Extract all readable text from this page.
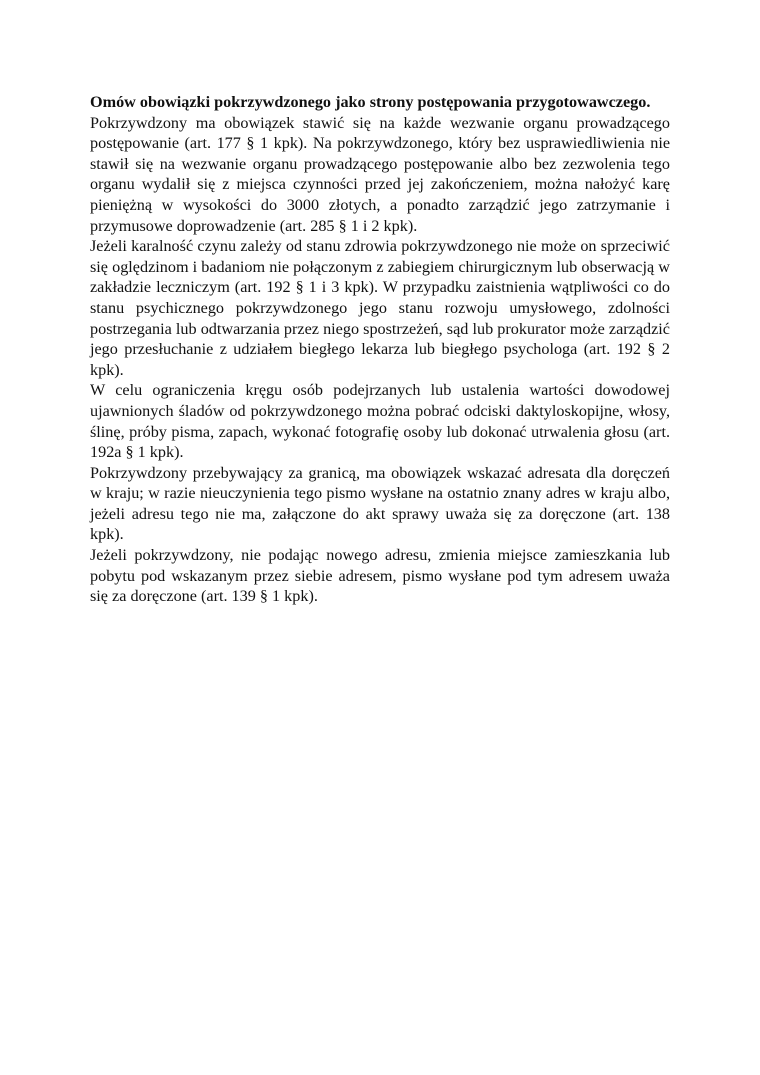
Omów obowiązki pokrzywdzonego jako strony postępowania przygotowawczego.

Pokrzywdzony ma obowiązek stawić się na każde wezwanie organu prowadzącego postępowanie (art. 177 § 1 kpk). Na pokrzywdzonego, który bez usprawiedliwienia nie stawił się na wezwanie organu prowadzącego postępowanie albo bez zezwolenia tego organu wydalił się z miejsca czynności przed jej zakończeniem, można nałożyć karę pieniężną w wysokości do 3000 złotych, a ponadto zarządzić jego zatrzymanie i przymusowe doprowadzenie (art. 285 § 1 i 2 kpk).

Jeżeli karalność czynu zależy od stanu zdrowia pokrzywdzonego nie może on sprzeciwić się oględzinom i badaniom nie połączonym z zabiegiem chirurgicznym lub obserwacją w zakładzie leczniczym (art. 192 § 1 i 3 kpk). W przypadku zaistnienia wątpliwości co do stanu psychicznego pokrzywdzonego jego stanu rozwoju umysłowego, zdolności postrzegania lub odtwarzania przez niego spostrzeżeń, sąd lub prokurator może zarządzić jego przesłuchanie z udziałem biegłego lekarza lub biegłego psychologa (art. 192 § 2 kpk).

W celu ograniczenia kręgu osób podejrzanych lub ustalenia wartości dowodowej ujawnionych śladów od pokrzywdzonego można pobrać odciski daktyloskopijne, włosy, ślinę, próby pisma, zapach, wykonać fotografię osoby lub dokonać utrwalenia głosu (art. 192a § 1 kpk).

Pokrzywdzony przebywający za granicą, ma obowiązek wskazać adresata dla doręczeń w kraju; w razie nieuczynienia tego pismo wysłane na ostatnio znany adres w kraju albo, jeżeli adresu tego nie ma, załączone do akt sprawy uważa się za doręczone (art. 138 kpk).

Jeżeli pokrzywdzony, nie podając nowego adresu, zmienia miejsce zamieszkania lub pobytu pod wskazanym przez siebie adresem, pismo wysłane pod tym adresem uważa się za doręczone (art. 139 § 1 kpk).
